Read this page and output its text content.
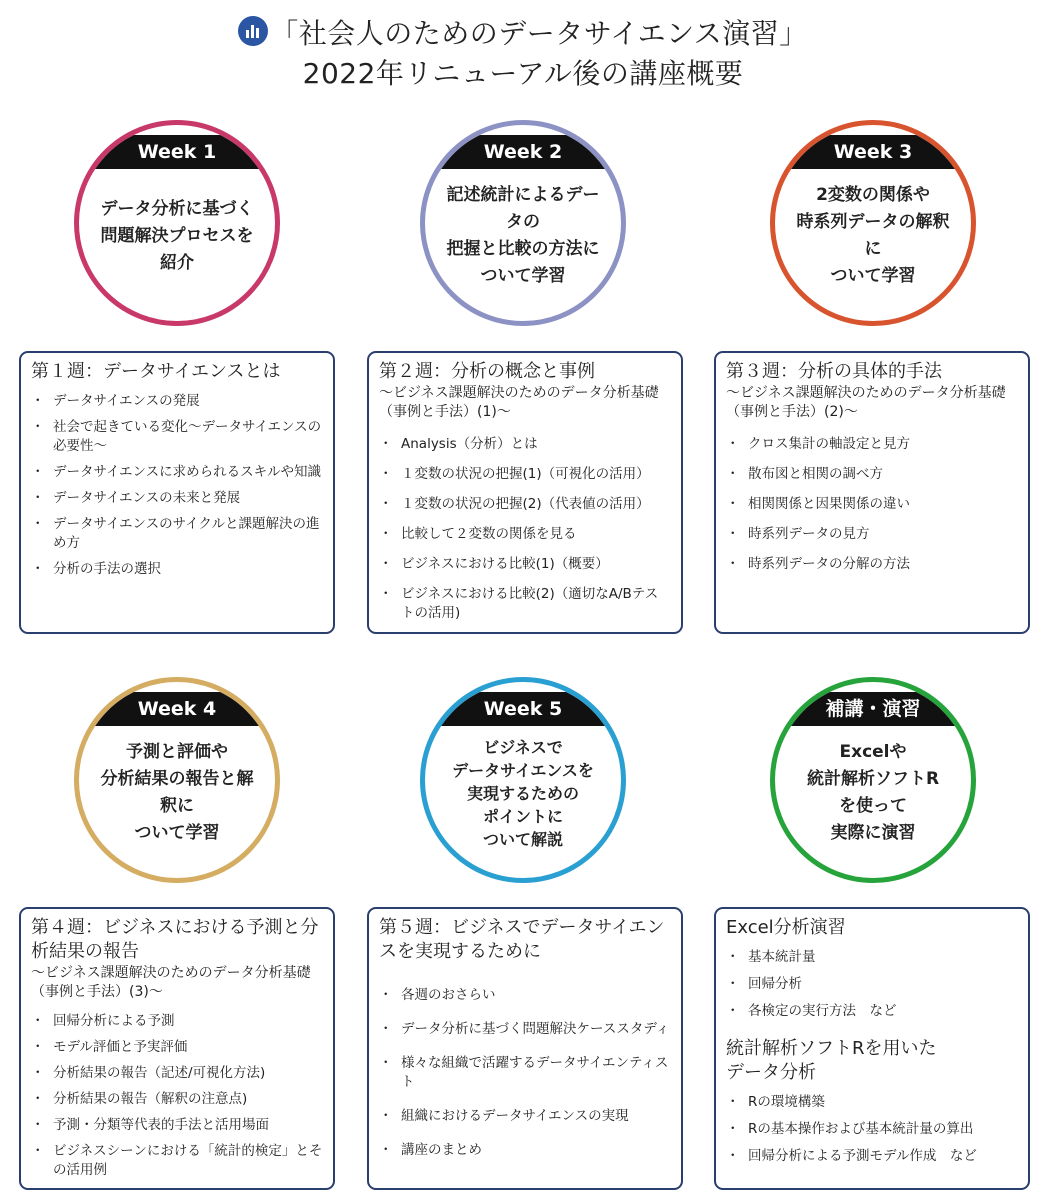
「社会人のためのデータサイエンス演習」
2022年リニューアル後の講座概要
Week 1
データ分析に基づく
問題解決プロセスを紹介
Week 2
記述統計によるデータの
把握と比較の方法に
ついて学習
Week 3
2変数の関係や
時系列データの解釈に
ついて学習
第１週：データサイエンスとは
・ データサイエンスの発展
・ 社会で起きている変化〜データサイエンスの必要性〜
・ データサイエンスに求められるスキルや知識
・ データサイエンスの未来と発展
・ データサイエンスのサイクルと課題解決の進め方
・ 分析の手法の選択
第２週：分析の概念と事例
〜ビジネス課題解決のためのデータ分析基礎（事例と手法）(1)〜
・ Analysis（分析）とは
・ １変数の状況の把握(1)（可視化の活用）
・ １変数の状況の把握(2)（代表値の活用）
・ 比較して２変数の関係を見る
・ ビジネスにおける比較(1)（概要）
・ ビジネスにおける比較(2)（適切なA/Bテストの活用)
第３週：分析の具体的手法
〜ビジネス課題解決のためのデータ分析基礎（事例と手法）(2)〜
・ クロス集計の軸設定と見方
・ 散布図と相関の調べ方
・ 相関関係と因果関係の違い
・ 時系列データの見方
・ 時系列データの分解の方法
Week 4
予測と評価や
分析結果の報告と解釈に
ついて学習
Week 5
ビジネスで
データサイエンスを
実現するための
ポイントに
ついて解説
補講・演習
Excelや
統計解析ソフトR
を使って
実際に演習
第４週：ビジネスにおける予測と分析結果の報告
〜ビジネス課題解決のためのデータ分析基礎（事例と手法）(3)〜
・ 回帰分析による予測
・ モデル評価と予実評価
・ 分析結果の報告（記述/可視化方法)
・ 分析結果の報告（解釈の注意点)
・ 予測・分類等代表的手法と活用場面
・ ビジネスシーンにおける「統計的検定」とその活用例
第５週：ビジネスでデータサイエンスを実現するために
・ 各週のおさらい
・ データ分析に基づく問題解決ケーススタディ
・ 様々な組織で活躍するデータサイエンティスト
・ 組織におけるデータサイエンスの実現
・ 講座のまとめ
Excel分析演習
・ 基本統計量
・ 回帰分析
・ 各検定の実行方法　など
統計解析ソフトRを用いた
データ分析
・ Rの環境構築
・ Rの基本操作および基本統計量の算出
・ 回帰分析による予測モデル作成　など
